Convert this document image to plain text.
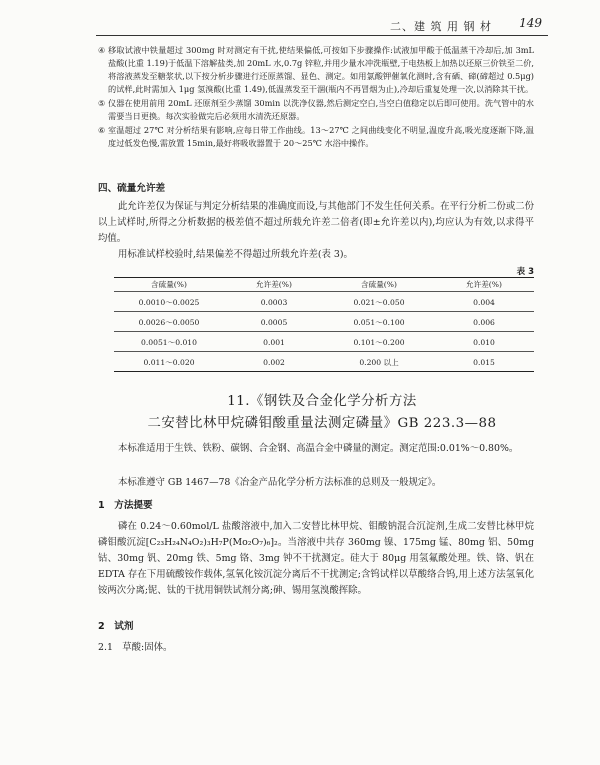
二、建 筑 用 钢 材 149
④ 移取试液中铁量超过 300mg 时对测定有干扰,使结果偏低,可按如下步骤操作:试液加甲酸于低温蒸干冷却后,加 3mL 盐酸(比重 1.19)于低温下溶解盐类,加 20mL 水,0.7g 锌粒,并用少量水冲洗瓶壁,于电热板上加热以还原三价铁至二价,将溶液蒸发至糖浆状,以下按分析步骤进行还原蒸馏、显色、测定。如用氯酸钾催氧化测时,含有硒、碲(碲超过 0.5μg)的试样,此时需加入 1μg 氢溴酸(比重 1.49),低温蒸发至干涸(瓶内不再冒烟为止),冷却后重复处理一次,以消除其干扰。
⑤ 仪器在使用前用 20mL 还原剂至少蒸馏 30min 以洗净仪器,然后测定空白,当空白值稳定以后即可使用。洗气管中的水需要当日更换。每次实验做完后必须用水清洗还原器。
⑥ 室温超过 27℃ 对分析结果有影响,应每日带工作曲线。13～27℃ 之间曲线变化不明显,温度升高,吸光度逐渐下降,温度过低发色慢,需放置 15min,最好将吸收器置于 20～25℃ 水浴中操作。
四、硫量允许差
此允许差仅为保证与判定分析结果的准确度而设,与其他部门不发生任何关系。在平行分析二份或二份以上试样时,所得之分析数据的极差值不超过所载允许差二倍者(即±允许差以内),均应认为有效,以求得平均值。
用标准试样校验时,结果偏差不得超过所载允许差(表 3)。
表 3
含硫量(%)	允许差(%)	含硫量(%)	允许差(%)
0.0010～0.0025	0.0003	0.021～0.050	0.004
0.0026～0.0050	0.0005	0.051～0.100	0.006
0.0051～0.010	0.001	0.101～0.200	0.010
0.011～0.020	0.002	0.200 以上	0.015
11.《钢铁及合金化学分析方法
二安替比林甲烷磷钼酸重量法测定磷量》GB 223.3—88
本标准适用于生铁、铁粉、碳钢、合金钢、高温合金中磷量的测定。测定范围:0.01%～0.80%。
本标准遵守 GB 1467—78《冶金产品化学分析方法标准的总则及一般规定》。
1　方法提要
磷在 0.24～0.60mol/L 盐酸溶液中,加入二安替比林甲烷、钼酸钠混合沉淀剂,生成二安替比林甲烷磷钼酸沉淀[C₂₃H₂₄N₄O₂)₃H₇P(Mo₂O₇)₆]₂。当溶液中共存 360mg 镍、175mg 锰、80mg 铝、50mg 钴、30mg 钒、20mg 铁、5mg 铬、3mg 钟不干扰测定。硅大于 80μg 用氢氟酸处理。铁、铬、钒在 EDTA 存在下用硫酸铵作载体,氢氧化铵沉淀分离后不干扰测定;含钨试样以草酸络合钨,用上述方法氢氧化铵两次分离;铌、钛的干扰用铜铁试剂分离;砷、锡用氢溴酸挥除。
2　试剂
2.1　草酸:固体。
